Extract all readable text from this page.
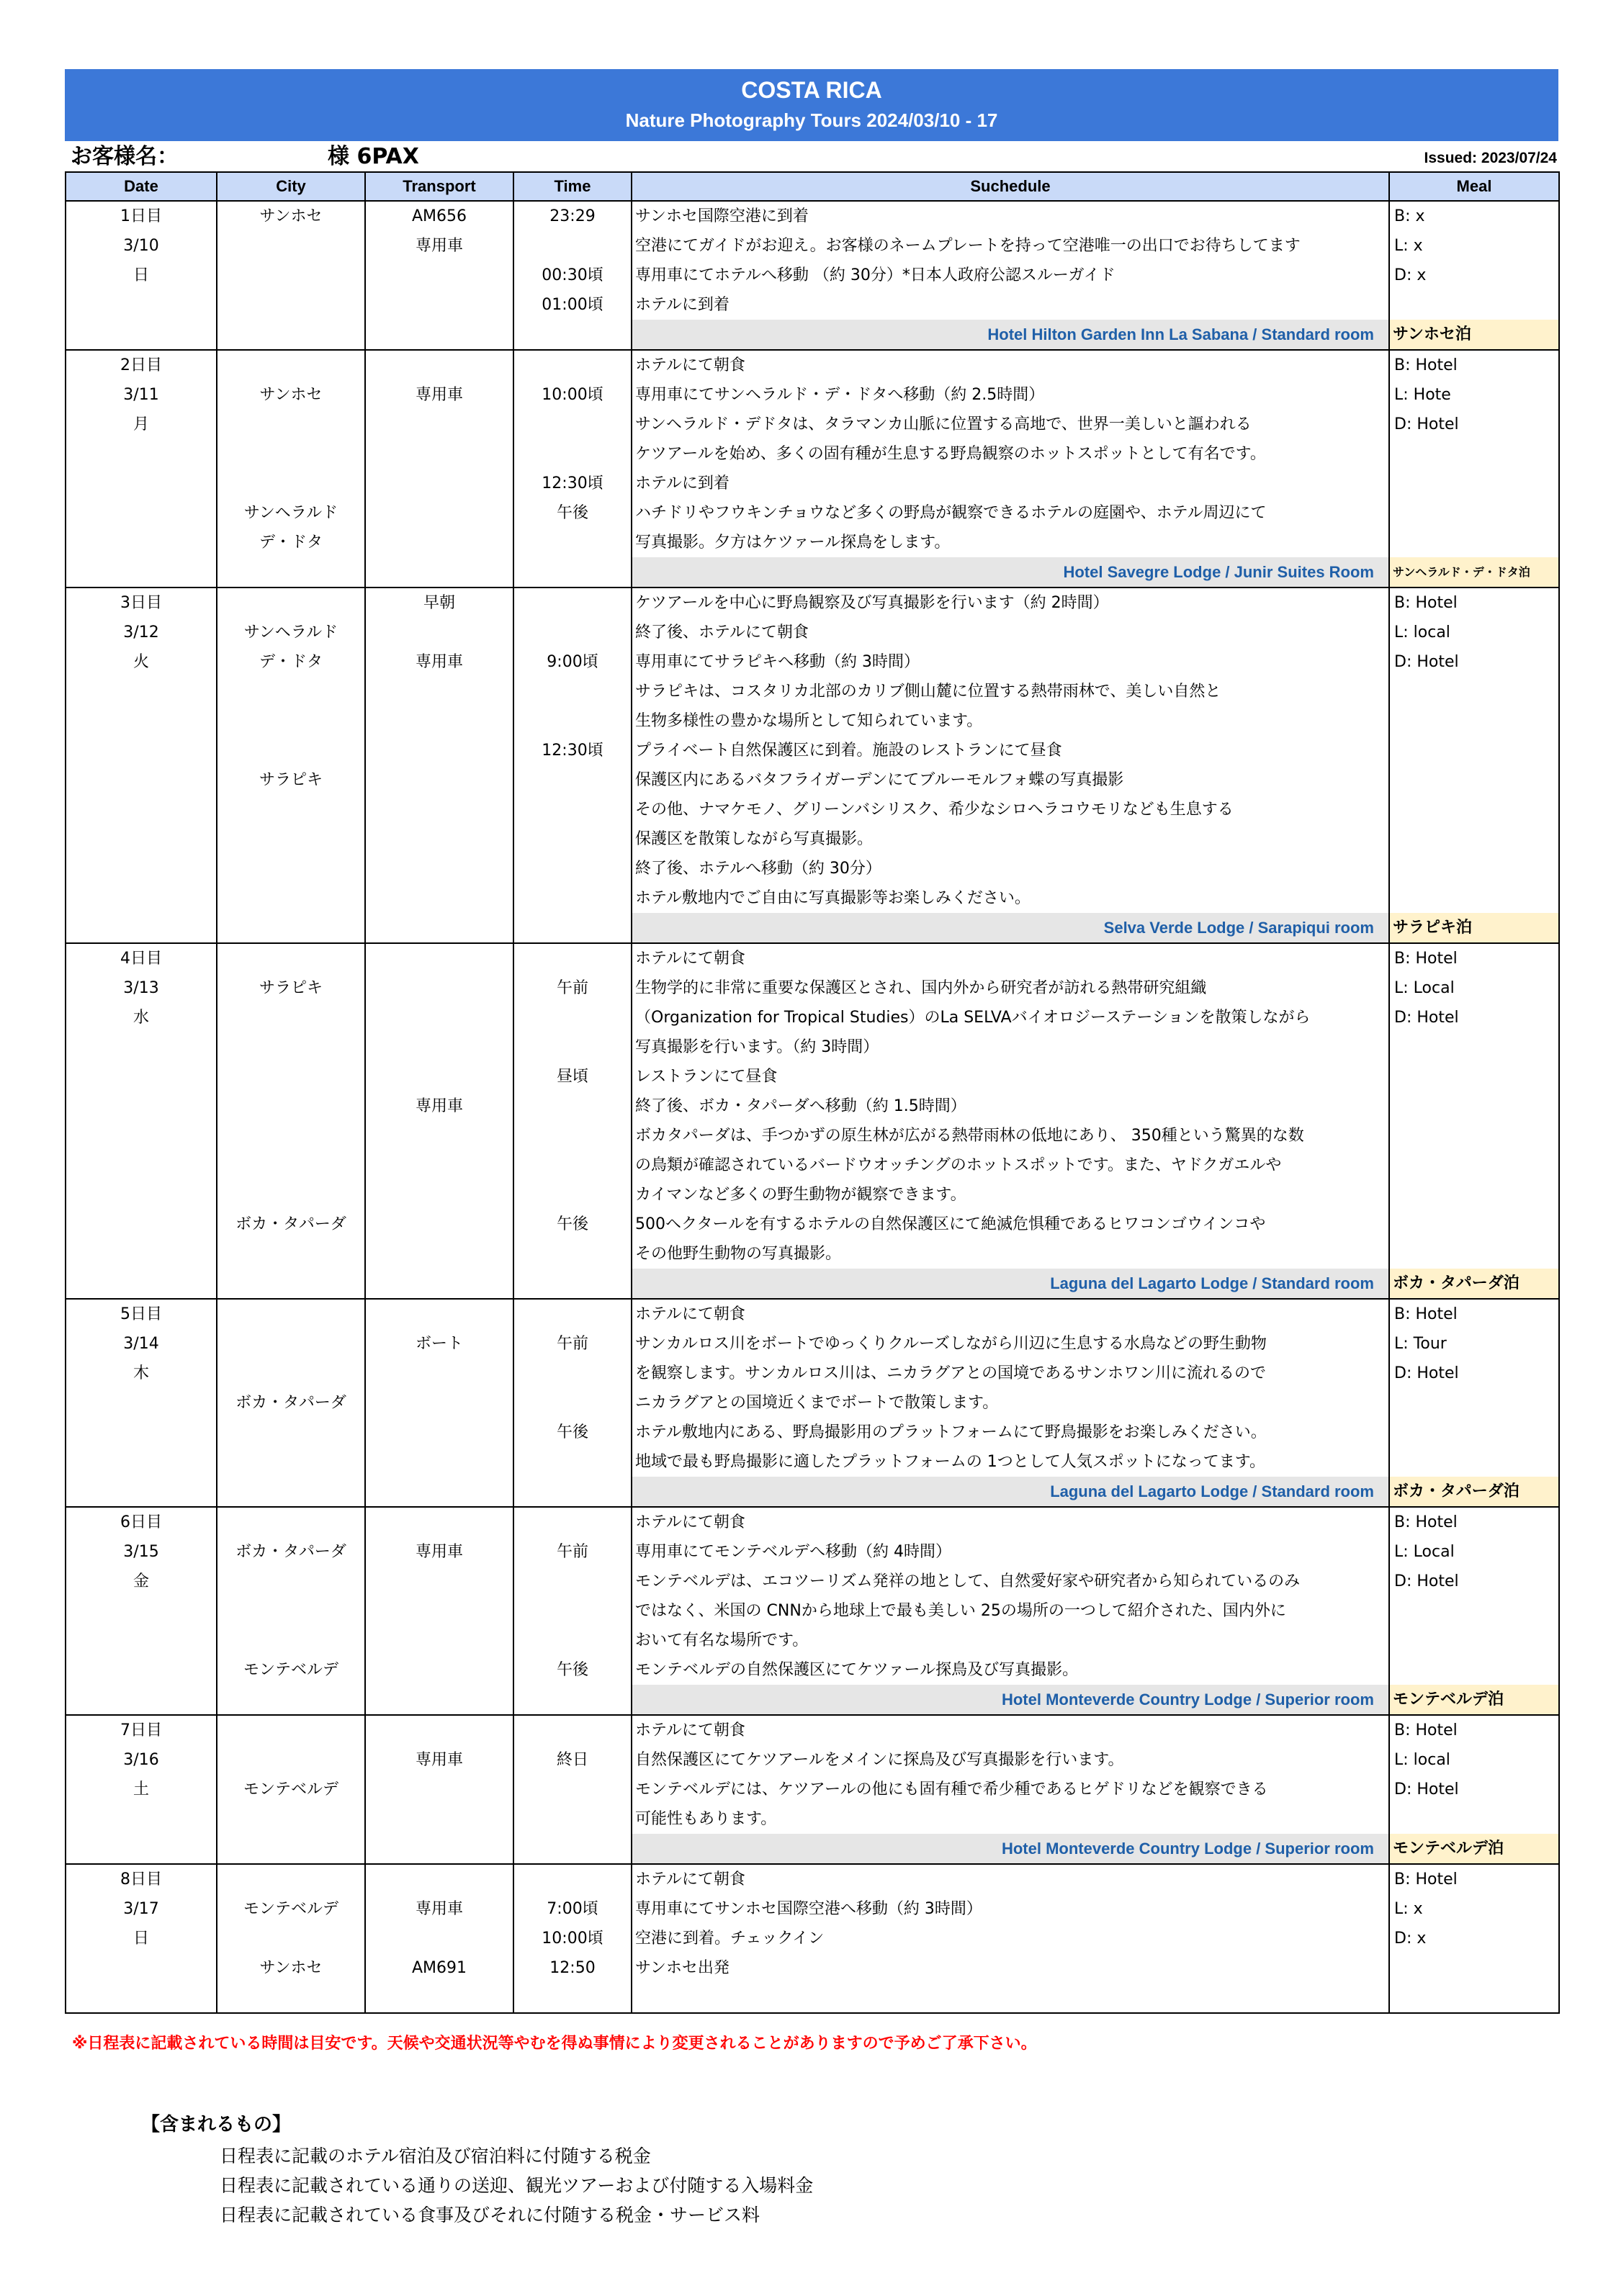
COSTA RICA
Nature Photography Tours 2024/03/10 - 17
お客様名：	様 6PAX	Issued: 2023/07/24
Date	City	Transport	Time	Suchedule	Meal
1日目	サンホセ	AM656	23:29	サンホセ国際空港に到着	B: x
3/10		専用車		空港にてガイドがお迎え。お客様のネームプレートを持って空港唯一の出口でお待ちしてます	L: x
日			00:30頃	専用車にてホテルへ移動 （約 30分）*日本人政府公認スルーガイド	D: x
			01:00頃	ホテルに到着	
				Hotel Hilton Garden Inn La Sabana / Standard room	サンホセ泊
2日目				ホテルにて朝食	B: Hotel
3/11	サンホセ	専用車	10:00頃	専用車にてサンヘラルド・デ・ドタへ移動（約 2.5時間）	L: Hote
月				サンヘラルド・デドタは、タラマンカ山脈に位置する高地で、世界一美しいと謳われる	D: Hotel
				ケツアールを始め、多くの固有種が生息する野鳥観察のホットスポットとして有名です。	
			12:30頃	ホテルに到着	
	サンヘラルド		午後	ハチドリやフウキンチョウなど多くの野鳥が観察できるホテルの庭園や、ホテル周辺にて	
	デ・ドタ			写真撮影。夕方はケツァール探鳥をします。	
				Hotel Savegre Lodge / Junir Suites Room	サンヘラルド・デ・ドタ泊
3日目		早朝		ケツアールを中心に野鳥観察及び写真撮影を行います（約 2時間）	B: Hotel
3/12	サンヘラルド			終了後、ホテルにて朝食	L: local
火	デ・ドタ	専用車	9:00頃	専用車にてサラピキへ移動（約 3時間）	D: Hotel
				サラピキは、コスタリカ北部のカリブ側山麓に位置する熱帯雨林で、美しい自然と	
				生物多様性の豊かな場所として知られています。	
			12:30頃	プライベート自然保護区に到着。施設のレストランにて昼食	
	サラピキ			保護区内にあるバタフライガーデンにてブルーモルフォ蝶の写真撮影	
				その他、ナマケモノ、グリーンバシリスク、希少なシロヘラコウモリなども生息する	
				保護区を散策しながら写真撮影。	
				終了後、ホテルへ移動（約 30分）	
				ホテル敷地内でご自由に写真撮影等お楽しみください。	
				Selva Verde Lodge / Sarapiqui room	サラピキ泊
4日目				ホテルにて朝食	B: Hotel
3/13	サラピキ		午前	生物学的に非常に重要な保護区とされ、国内外から研究者が訪れる熱帯研究組織	L: Local
水				（Organization for Tropical Studies）のLa SELVAバイオロジーステーションを散策しながら	D: Hotel
				写真撮影を行います。（約 3時間）	
			昼頃	レストランにて昼食	
		専用車		終了後、ボカ・タパーダへ移動（約 1.5時間）	
				ボカタパーダは、手つかずの原生林が広がる熱帯雨林の低地にあり、 350種という驚異的な数	
				の鳥類が確認されているバードウオッチングのホットスポットです。また、ヤドクガエルや	
				カイマンなど多くの野生動物が観察できます。	
	ボカ・タパーダ		午後	500ヘクタールを有するホテルの自然保護区にて絶滅危惧種であるヒワコンゴウインコや	
				その他野生動物の写真撮影。	
				Laguna del Lagarto Lodge / Standard room	ボカ・タパーダ泊
5日目				ホテルにて朝食	B: Hotel
3/14		ボート	午前	サンカルロス川をボートでゆっくりクルーズしながら川辺に生息する水鳥などの野生動物	L: Tour
木				を観察します。サンカルロス川は、ニカラグアとの国境であるサンホワン川に流れるので	D: Hotel
	ボカ・タパーダ			ニカラグアとの国境近くまでボートで散策します。	
			午後	ホテル敷地内にある、野鳥撮影用のプラットフォームにて野鳥撮影をお楽しみください。	
				地域で最も野鳥撮影に適したプラットフォームの 1つとして人気スポットになってます。	
				Laguna del Lagarto Lodge / Standard room	ボカ・タパーダ泊
6日目				ホテルにて朝食	B: Hotel
3/15	ボカ・タパーダ	専用車	午前	専用車にてモンテベルデへ移動（約 4時間）	L: Local
金				モンテベルデは、エコツーリズム発祥の地として、自然愛好家や研究者から知られているのみ	D: Hotel
				ではなく、米国の CNNから地球上で最も美しい 25の場所の一つして紹介された、国内外に	
				おいて有名な場所です。	
	モンテベルデ		午後	モンテベルデの自然保護区にてケツァール探鳥及び写真撮影。	
				Hotel Monteverde Country Lodge / Superior room	モンテベルデ泊
7日目				ホテルにて朝食	B: Hotel
3/16		専用車	終日	自然保護区にてケツアールをメインに探鳥及び写真撮影を行います。	L: local
土	モンテベルデ			モンテベルデには、ケツアールの他にも固有種で希少種であるヒゲドリなどを観察できる	D: Hotel
				可能性もあります。	
				Hotel Monteverde Country Lodge / Superior room	モンテベルデ泊
8日目				ホテルにて朝食	B: Hotel
3/17	モンテベルデ	専用車	7:00頃	専用車にてサンホセ国際空港へ移動（約 3時間）	L: x
日			10:00頃	空港に到着。チェックイン	D: x
	サンホセ	AM691	12:50	サンホセ出発	

※日程表に記載されている時間は目安です。天候や交通状況等やむを得ぬ事情により変更されることがありますので予めご了承下さい。
【含まれるもの】
日程表に記載のホテル宿泊及び宿泊料に付随する税金
日程表に記載されている通りの送迎、観光ツアーおよび付随する入場料金
日程表に記載されている食事及びそれに付随する税金・サービス料
